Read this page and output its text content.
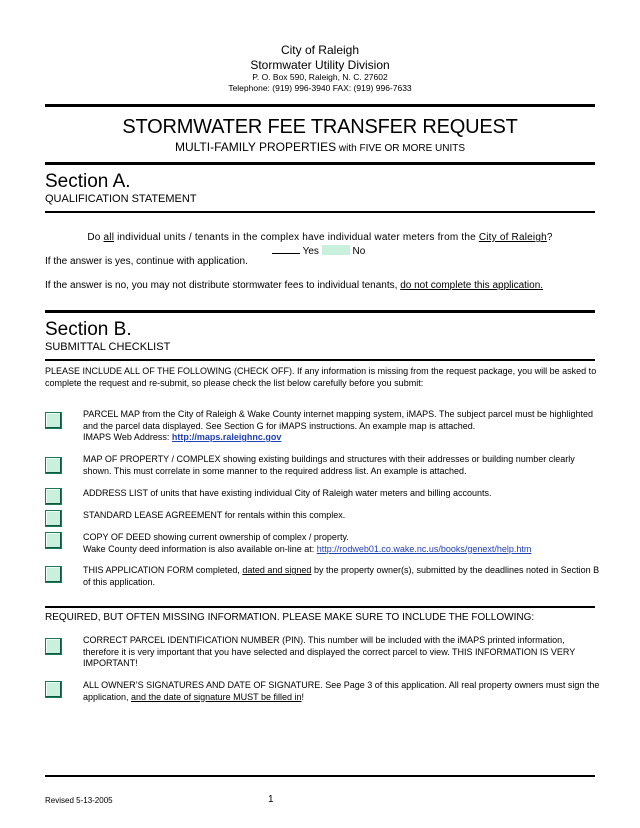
City of Raleigh
Stormwater Utility Division
P. O. Box 590, Raleigh, N. C. 27602
Telephone: (919) 996-3940 FAX: (919) 996-7633
STORMWATER FEE TRANSFER REQUEST
MULTI-FAMILY PROPERTIES with FIVE OR MORE UNITS
Section A.
QUALIFICATION STATEMENT
Do all individual units / tenants in the complex have individual water meters from the City of Raleigh?
Yes	No
If the answer is yes, continue with application.
If the answer is no, you may not distribute stormwater fees to individual tenants, do not complete this application.
Section B.
SUBMITTAL CHECKLIST
PLEASE INCLUDE ALL OF THE FOLLOWING (CHECK OFF). If any information is missing from the request package, you will be asked to complete the request and re-submit, so please check the list below carefully before you submit:
PARCEL MAP from the City of Raleigh & Wake County internet mapping system, iMAPS. The subject parcel must be highlighted and the parcel data displayed. See Section G for iMAPS instructions. An example map is attached.
IMAPS Web Address: http://maps.raleighnc.gov
MAP OF PROPERTY / COMPLEX showing existing buildings and structures with their addresses or building number clearly shown. This must correlate in some manner to the required address list. An example is attached.
ADDRESS LIST of units that have existing individual City of Raleigh water meters and billing accounts.
STANDARD LEASE AGREEMENT for rentals within this complex.
COPY OF DEED showing current ownership of complex / property.
Wake County deed information is also available on-line at: http://rodweb01.co.wake.nc.us/books/genext/help.htm
THIS APPLICATION FORM completed, dated and signed by the property owner(s), submitted by the deadlines noted in Section B of this application.
REQUIRED, BUT OFTEN MISSING INFORMATION. PLEASE MAKE SURE TO INCLUDE THE FOLLOWING:
CORRECT PARCEL IDENTIFICATION NUMBER (PIN). This number will be included with the iMAPS printed information, therefore it is very important that you have selected and displayed the correct parcel to view. THIS INFORMATION IS VERY IMPORTANT!
ALL OWNER’S SIGNATURES AND DATE OF SIGNATURE. See Page 3 of this application. All real property owners must sign the application, and the date of signature MUST be filled in!
Revised 5-13-2005	1
